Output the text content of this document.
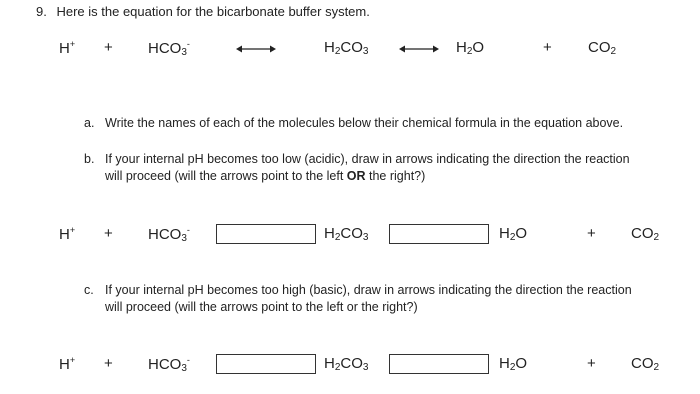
9. Here is the equation for the bicarbonate buffer system.
$H^+ + HCO_3^-$	$H_2CO_3$	$H_2O$	+ $CO_2$
a. Write the names of each of the molecules below their chemical formula in the equation above.
b. If your internal pH becomes too low (acidic), draw in arrows indicating the direction the reaction
will proceed (will the arrows point to the left OR the right?)
$H^+ + HCO_3^-$	$H_2CO_3$	$H_2O$	+ $CO_2$
c. If your internal pH becomes too high (basic), draw in arrows indicating the direction the reaction
will proceed (will the arrows point to the left or the right?)
$H^+ + HCO_3^-$	$H_2CO_3$	$H_2O$	+ $CO_2$
